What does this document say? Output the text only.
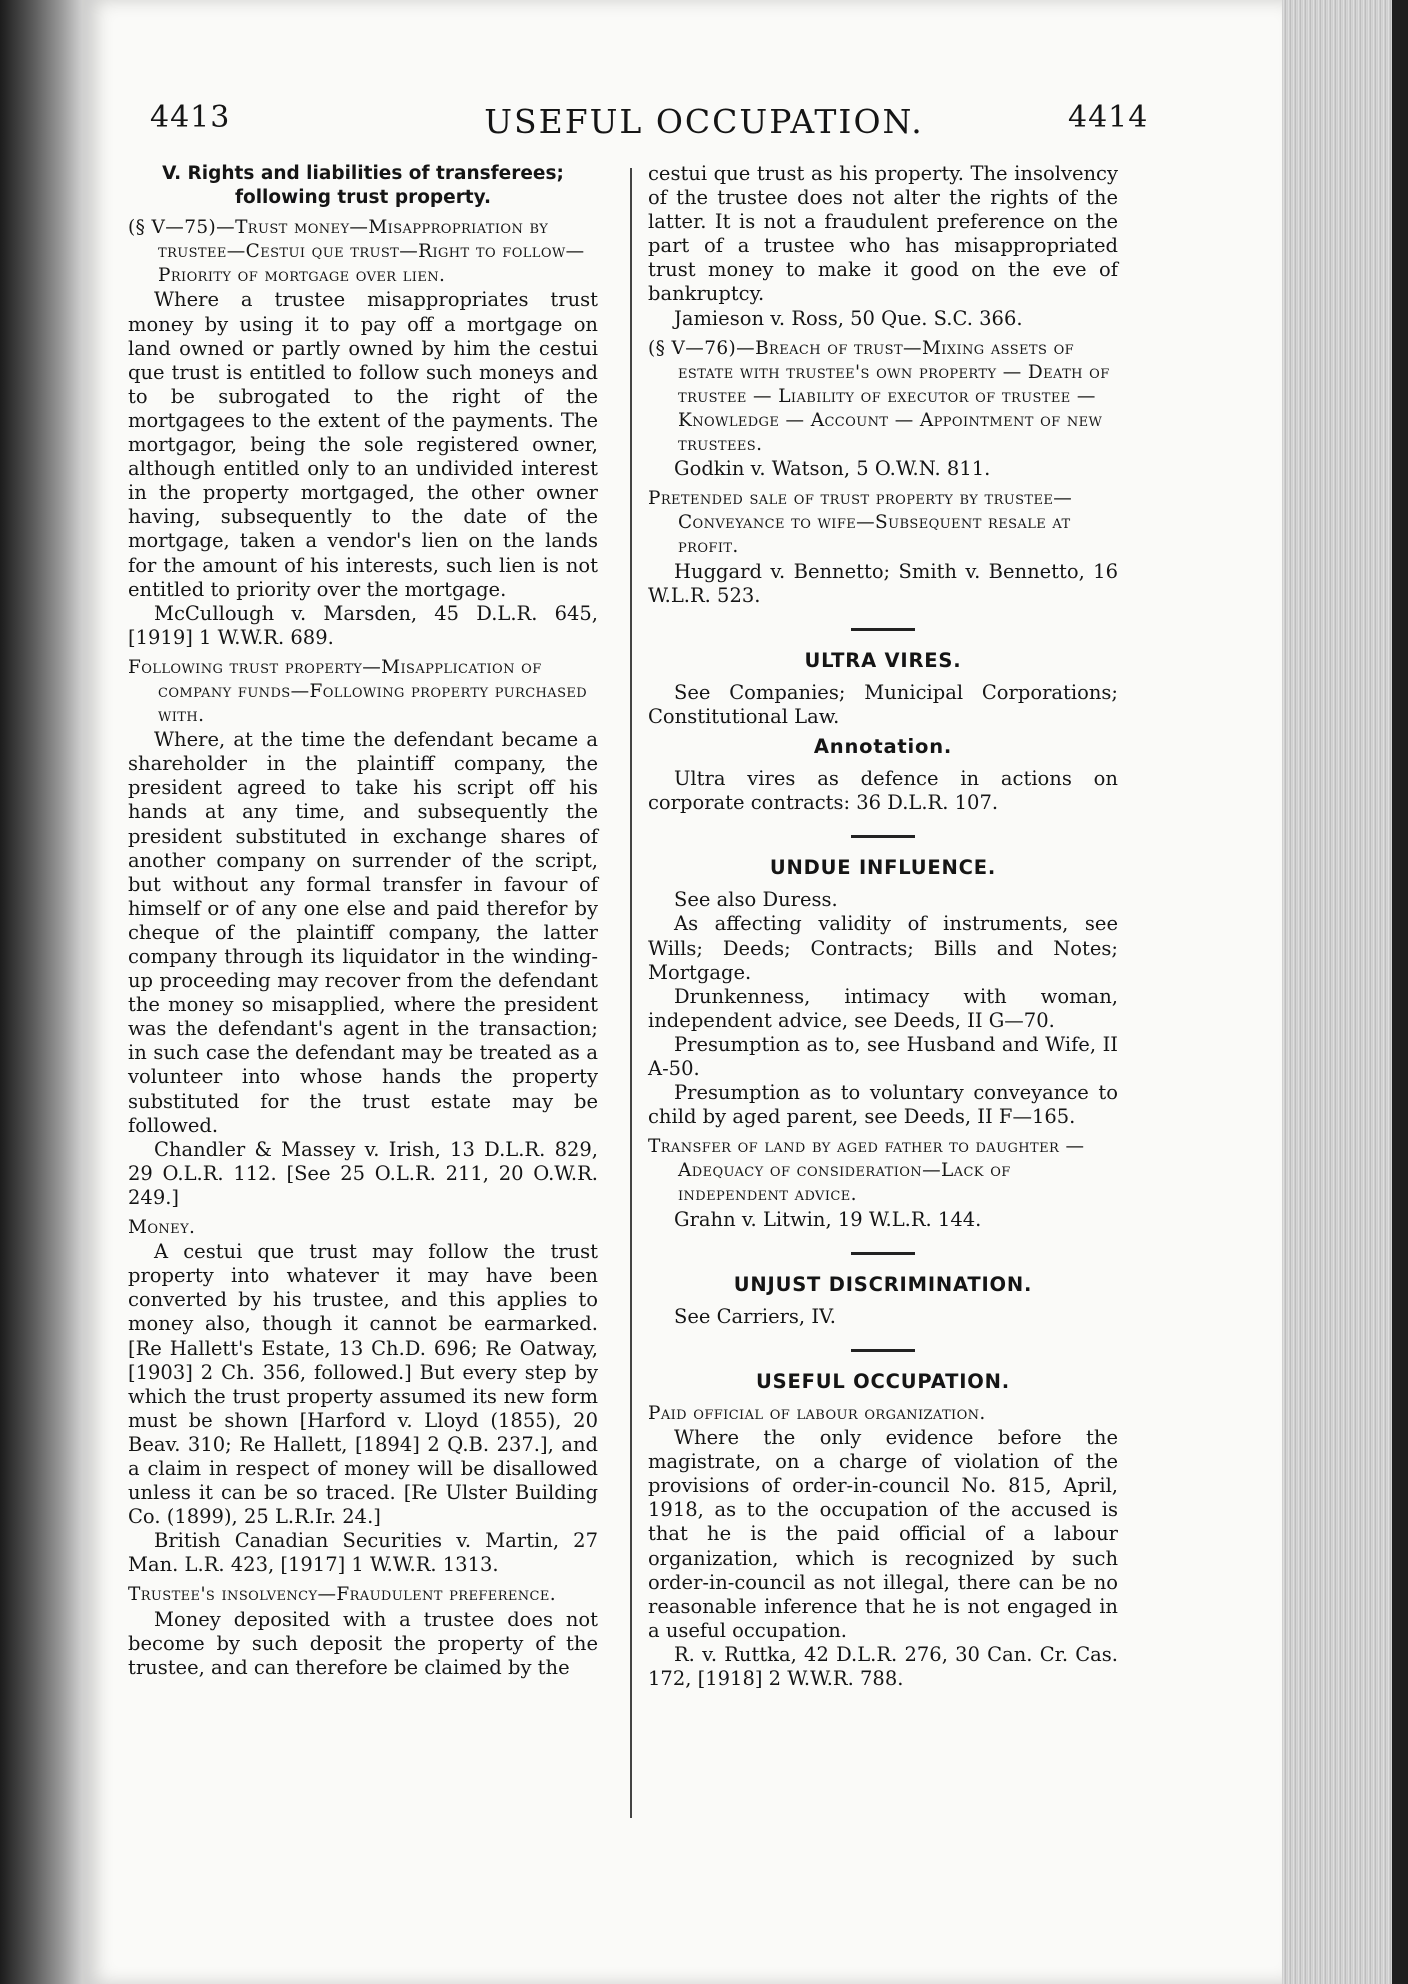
4413	USEFUL OCCUPATION.	4414

V. Rights and liabilities of transferees; following trust property.

(§ V—75)—Trust money—Misappropriation by trustee—Cestui que trust—Right to follow—Priority of mortgage over lien.

Where a trustee misappropriates trust money by using it to pay off a mortgage on land owned or partly owned by him the cestui que trust is entitled to follow such moneys and to be subrogated to the right of the mortgagees to the extent of the payments. The mortgagor, being the sole registered owner, although entitled only to an undivided interest in the property mortgaged, the other owner having, subsequently to the date of the mortgage, taken a vendor's lien on the lands for the amount of his interests, such lien is not entitled to priority over the mortgage.

McCullough v. Marsden, 45 D.L.R. 645, [1919] 1 W.W.R. 689.

Following trust property—Misapplication of company funds—Following property purchased with.

Where, at the time the defendant became a shareholder in the plaintiff company, the president agreed to take his script off his hands at any time, and subsequently the president substituted in exchange shares of another company on surrender of the script, but without any formal transfer in favour of himself or of any one else and paid therefor by cheque of the plaintiff company, the latter company through its liquidator in the winding-up proceeding may recover from the defendant the money so misapplied, where the president was the defendant's agent in the transaction; in such case the defendant may be treated as a volunteer into whose hands the property substituted for the trust estate may be followed.

Chandler & Massey v. Irish, 13 D.L.R. 829, 29 O.L.R. 112. [See 25 O.L.R. 211, 20 O.W.R. 249.]

Money.

A cestui que trust may follow the trust property into whatever it may have been converted by his trustee, and this applies to money also, though it cannot be earmarked. [Re Hallett's Estate, 13 Ch.D. 696; Re Oatway, [1903] 2 Ch. 356, followed.] But every step by which the trust property assumed its new form must be shown [Harford v. Lloyd (1855), 20 Beav. 310; Re Hallett, [1894] 2 Q.B. 237.], and a claim in respect of money will be disallowed unless it can be so traced. [Re Ulster Building Co. (1899), 25 L.R.Ir. 24.]

British Canadian Securities v. Martin, 27 Man. L.R. 423, [1917] 1 W.W.R. 1313.

Trustee's insolvency—Fraudulent preference.

Money deposited with a trustee does not become by such deposit the property of the trustee, and can therefore be claimed by the

cestui que trust as his property. The insolvency of the trustee does not alter the rights of the latter. It is not a fraudulent preference on the part of a trustee who has misappropriated trust money to make it good on the eve of bankruptcy.

Jamieson v. Ross, 50 Que. S.C. 366.

(§ V—76)—Breach of trust—Mixing assets of estate with trustee's own property — Death of trustee — Liability of executor of trustee — Knowledge — Account — Appointment of new trustees.

Godkin v. Watson, 5 O.W.N. 811.

Pretended sale of trust property by trustee—Conveyance to wife—Subsequent resale at profit.

Huggard v. Bennetto; Smith v. Bennetto, 16 W.L.R. 523.

ULTRA VIRES.

See Companies; Municipal Corporations; Constitutional Law.

Annotation.

Ultra vires as defence in actions on corporate contracts: 36 D.L.R. 107.

UNDUE INFLUENCE.

See also Duress.

As affecting validity of instruments, see Wills; Deeds; Contracts; Bills and Notes; Mortgage.

Drunkenness, intimacy with woman, independent advice, see Deeds, II G—70.

Presumption as to, see Husband and Wife, II A-50.

Presumption as to voluntary conveyance to child by aged parent, see Deeds, II F—165.

Transfer of land by aged father to daughter — Adequacy of consideration—Lack of independent advice.

Grahn v. Litwin, 19 W.L.R. 144.

UNJUST DISCRIMINATION.

See Carriers, IV.

USEFUL OCCUPATION.

Paid official of labour organization.

Where the only evidence before the magistrate, on a charge of violation of the provisions of order-in-council No. 815, April, 1918, as to the occupation of the accused is that he is the paid official of a labour organization, which is recognized by such order-in-council as not illegal, there can be no reasonable inference that he is not engaged in a useful occupation.

R. v. Ruttka, 42 D.L.R. 276, 30 Can. Cr. Cas. 172, [1918] 2 W.W.R. 788.
